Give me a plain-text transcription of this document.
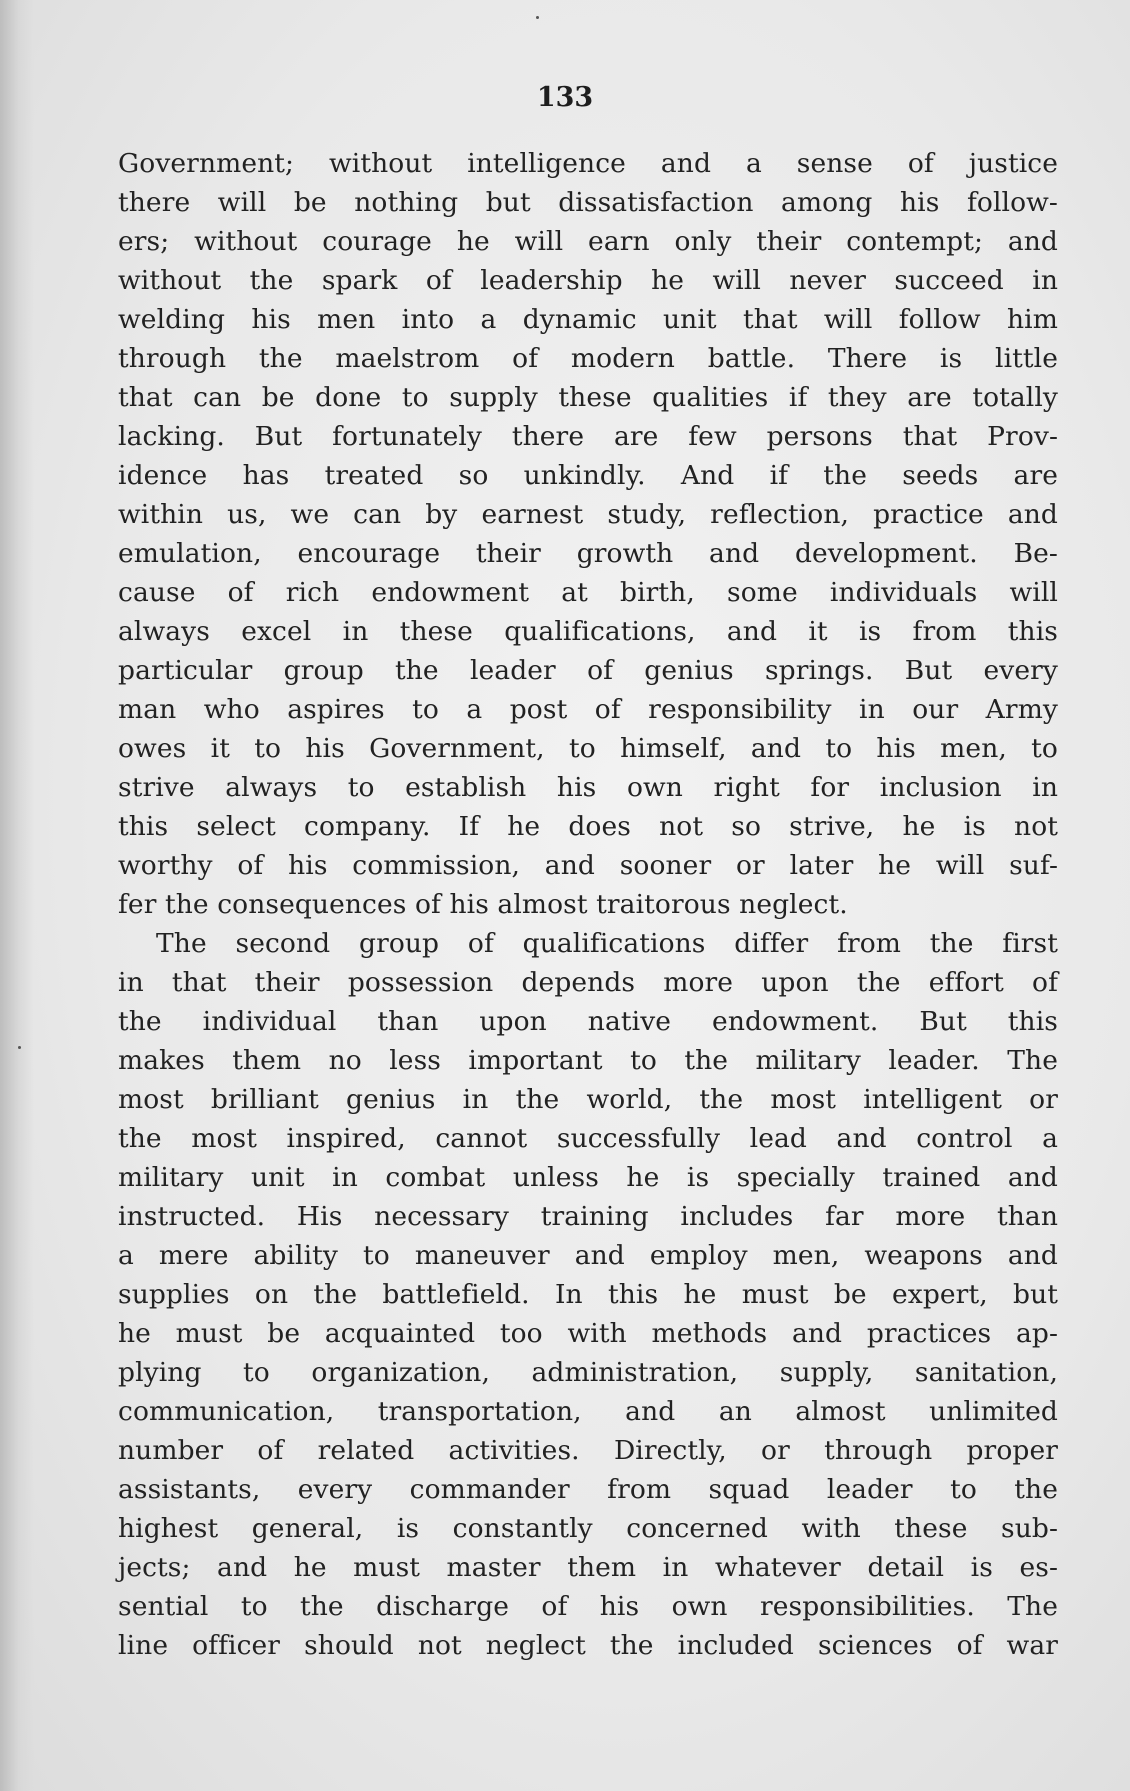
133
Government; without intelligence and a sense of justice
there will be nothing but dissatisfaction among his follow-
ers; without courage he will earn only their contempt; and
without the spark of leadership he will never succeed in
welding his men into a dynamic unit that will follow him
through the maelstrom of modern battle. There is little
that can be done to supply these qualities if they are totally
lacking. But fortunately there are few persons that Prov-
idence has treated so unkindly. And if the seeds are
within us, we can by earnest study, reflection, practice and
emulation, encourage their growth and development. Be-
cause of rich endowment at birth, some individuals will
always excel in these qualifications, and it is from this
particular group the leader of genius springs. But every
man who aspires to a post of responsibility in our Army
owes it to his Government, to himself, and to his men, to
strive always to establish his own right for inclusion in
this select company. If he does not so strive, he is not
worthy of his commission, and sooner or later he will suf-
fer the consequences of his almost traitorous neglect.
The second group of qualifications differ from the first
in that their possession depends more upon the effort of
the individual than upon native endowment. But this
makes them no less important to the military leader. The
most brilliant genius in the world, the most intelligent or
the most inspired, cannot successfully lead and control a
military unit in combat unless he is specially trained and
instructed. His necessary training includes far more than
a mere ability to maneuver and employ men, weapons and
supplies on the battlefield. In this he must be expert, but
he must be acquainted too with methods and practices ap-
plying to organization, administration, supply, sanitation,
communication, transportation, and an almost unlimited
number of related activities. Directly, or through proper
assistants, every commander from squad leader to the
highest general, is constantly concerned with these sub-
jects; and he must master them in whatever detail is es-
sential to the discharge of his own responsibilities. The
line officer should not neglect the included sciences of war
